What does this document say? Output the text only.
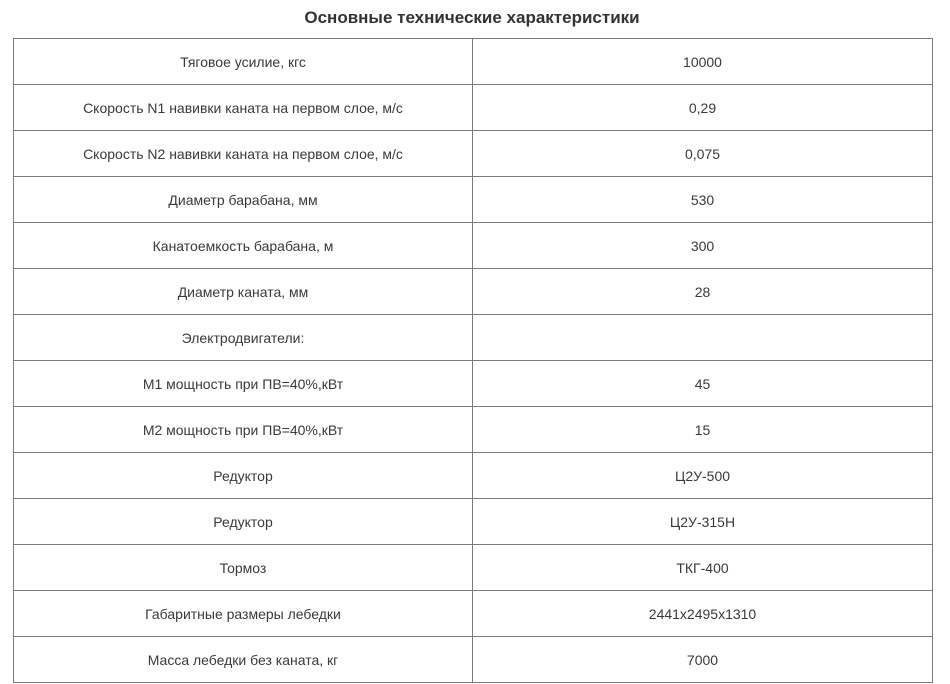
Основные технические характеристики
Тяговое усилие, кгс	10000
Скорость N1 навивки каната на первом слое, м/с	0,29
Скорость N2 навивки каната на первом слое, м/с	0,075
Диаметр барабана, мм	530
Канатоемкость барабана, м	300
Диаметр каната, мм	28
Электродвигатели:	
М1 мощность при ПВ=40%,кВт	45
М2 мощность при ПВ=40%,кВт	15
Редуктор	Ц2У-500
Редуктор	Ц2У-315Н
Тормоз	ТКГ-400
Габаритные размеры лебедки	2441х2495х1310
Масса лебедки без каната, кг	7000
